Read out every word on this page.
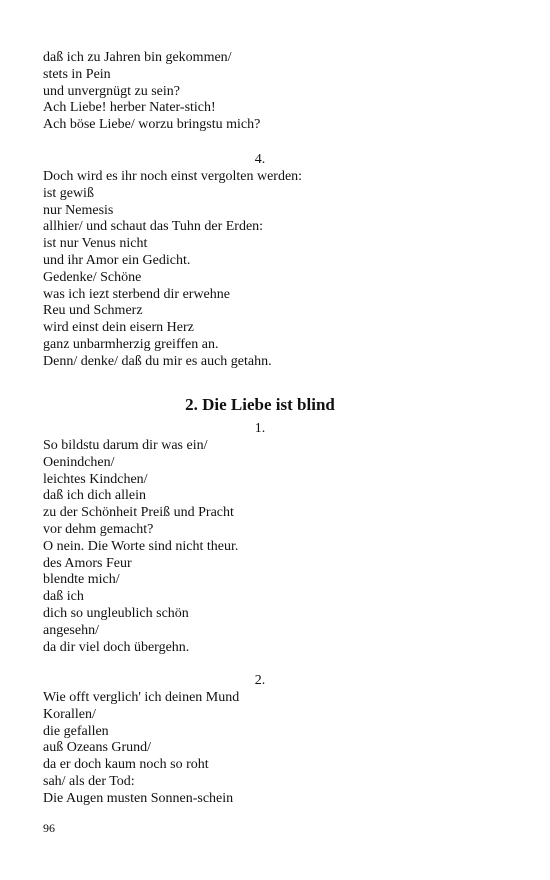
daß ich zu Jahren bin gekommen/
stets in Pein
und unvergnügt zu sein?
Ach Liebe! herber Nater-stich!
Ach böse Liebe/ worzu bringstu mich?
4.
Doch wird es ihr noch einst vergolten werden:
ist gewiß
nur Nemesis
allhier/ und schaut das Tuhn der Erden:
ist nur Venus nicht
und ihr Amor ein Gedicht.
Gedenke/ Schöne
was ich iezt sterbend dir erwehne
Reu und Schmerz
wird einst dein eisern Herz
ganz unbarmherzig greiffen an.
Denn/ denke/ daß du mir es auch getahn.
2. Die Liebe ist blind
1.
So bildstu darum dir was ein/
Oenindchen/
leichtes Kindchen/
daß ich dich allein
zu der Schönheit Preiß und Pracht
vor dehm gemacht?
O nein. Die Worte sind nicht theur.
des Amors Feur
blendte mich/
daß ich
dich so ungleublich schön
angesehn/
da dir viel doch übergehn.
2.
Wie offt verglich' ich deinen Mund
Korallen/
die gefallen
auß Ozeans Grund/
da er doch kaum noch so roht
sah/ als der Tod:
Die Augen musten Sonnen-schein
96
